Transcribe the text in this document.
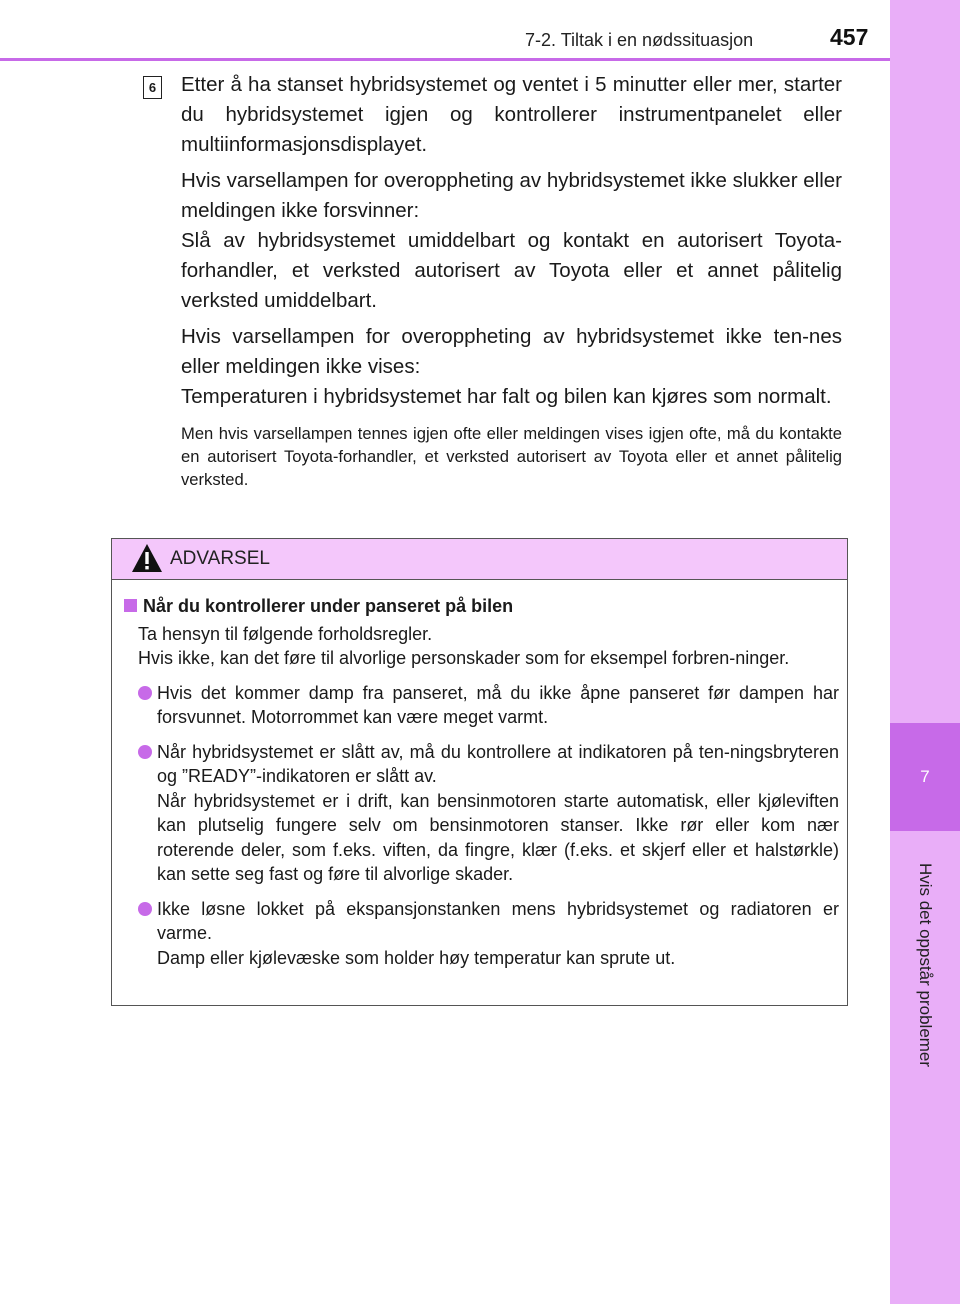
7
Hvis det oppstår problemer
7-2. Tiltak i en nødssituasjon	457
6 Etter å ha stanset hybridsystemet og ventet i 5 minutter eller mer, starter du hybridsystemet igjen og kontrollerer instrumentpanelet eller multiinformasjonsdisplayet.

Hvis varsellampen for overoppheting av hybridsystemet ikke slukker eller meldingen ikke forsvinner:
Slå av hybridsystemet umiddelbart og kontakt en autorisert Toyota-forhandler, et verksted autorisert av Toyota eller et annet pålitelig verksted umiddelbart.

Hvis varsellampen for overoppheting av hybridsystemet ikke ten-nes eller meldingen ikke vises:
Temperaturen i hybridsystemet har falt og bilen kan kjøres som normalt.

Men hvis varsellampen tennes igjen ofte eller meldingen vises igjen ofte, må du kontakte en autorisert Toyota-forhandler, et verksted autorisert av Toyota eller et annet pålitelig verksted.

ADVARSEL
Når du kontrollerer under panseret på bilen
Ta hensyn til følgende forholdsregler.
Hvis ikke, kan det føre til alvorlige personskader som for eksempel forbren-ninger.
Hvis det kommer damp fra panseret, må du ikke åpne panseret før dampen har forsvunnet. Motorrommet kan være meget varmt.
Når hybridsystemet er slått av, må du kontrollere at indikatoren på ten-ningsbryteren og ”READY”-indikatoren er slått av.
Når hybridsystemet er i drift, kan bensinmotoren starte automatisk, eller kjøleviften kan plutselig fungere selv om bensinmotoren stanser. Ikke rør eller kom nær roterende deler, som f.eks. viften, da fingre, klær (f.eks. et skjerf eller et halstørkle) kan sette seg fast og føre til alvorlige skader.
Ikke løsne lokket på ekspansjonstanken mens hybridsystemet og radiatoren er varme.
Damp eller kjølevæske som holder høy temperatur kan sprute ut.
